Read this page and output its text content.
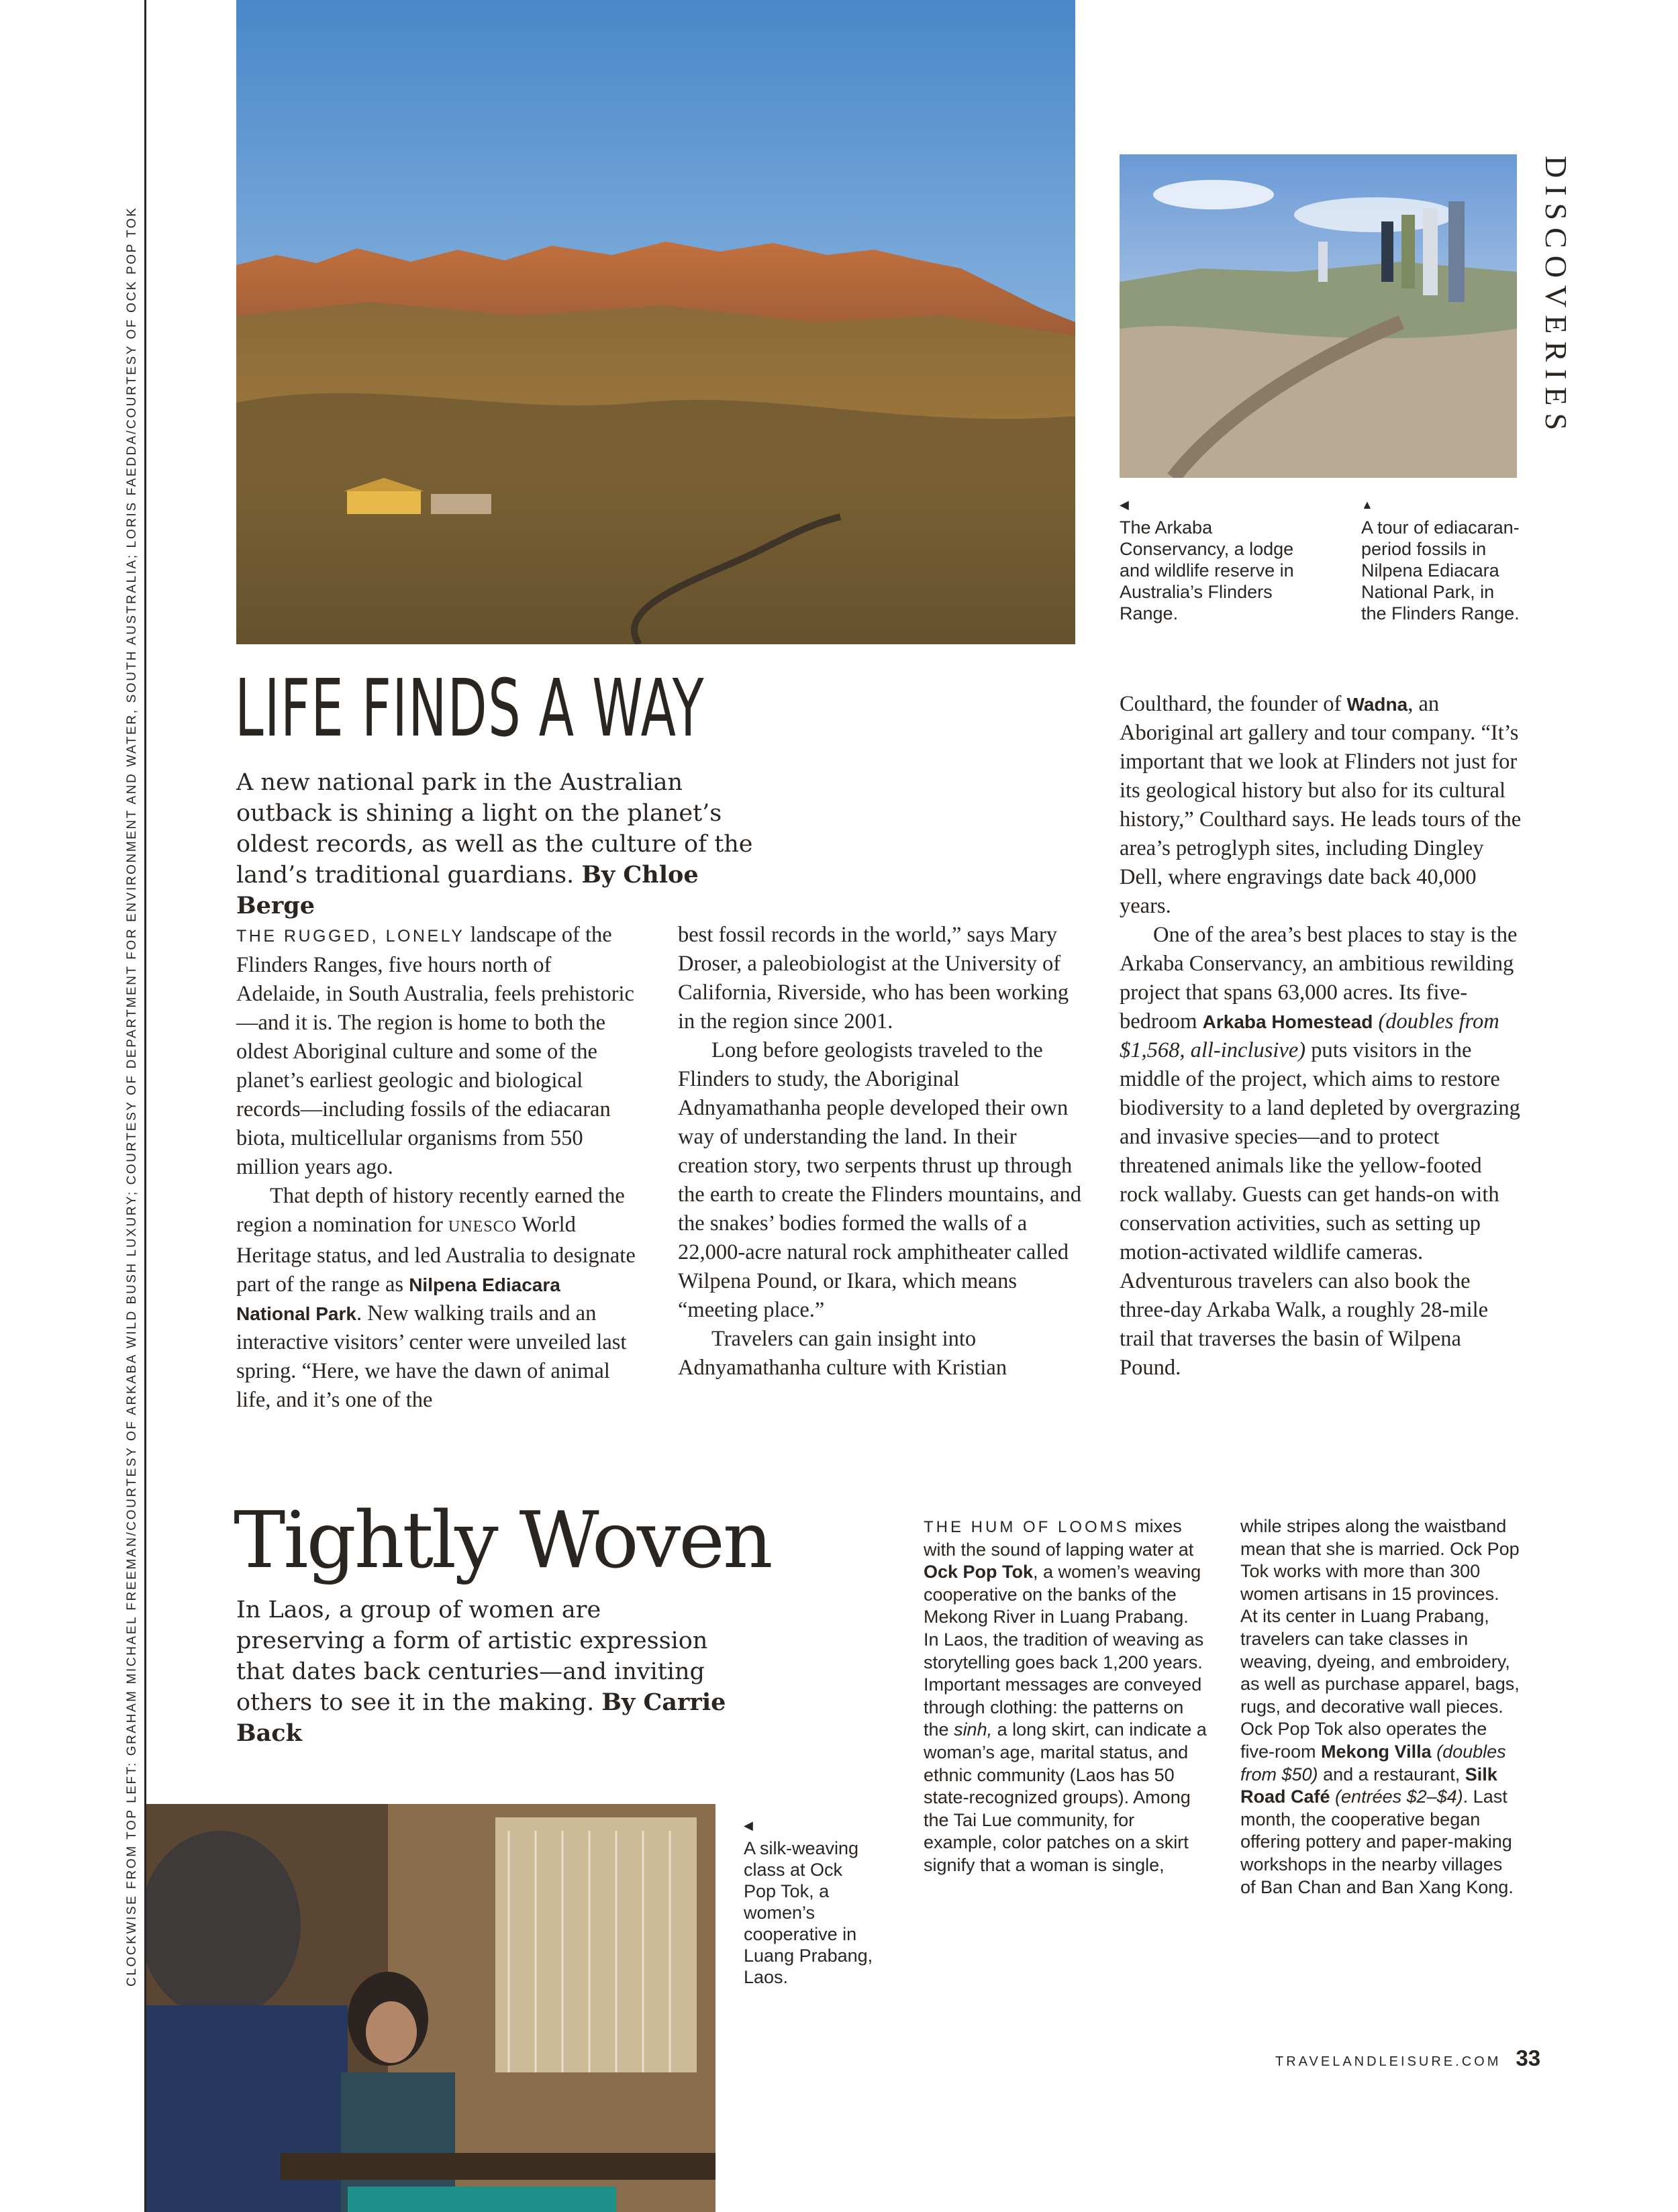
CLOCKWISE FROM TOP LEFT: GRAHAM MICHAEL FREEMAN/COURTESY OF ARKABA WILD BUSH LUXURY; COURTESY OF DEPARTMENT FOR ENVIRONMENT AND WATER, SOUTH AUSTRALIA; LORIS FAEDDA/COURTESY OF OCK POP TOK	DISCOVERIES
◀
The Arkaba Conservancy, a lodge and wildlife reserve in Australia’s Flinders Range.
▲
A tour of ediacaran-period fossils in Nilpena Ediacara National Park, in the Flinders Range.
LIFE FINDS A WAY
A new national park in the Australian outback is shining a light on the planet’s oldest records, as well as the culture of the land’s traditional guardians. By Chloe Berge

THE RUGGED, LONELY landscape of the Flinders Ranges, five hours north of Adelaide, in South Australia, feels prehistoric—and it is. The region is home to both the oldest Aboriginal culture and some of the planet’s earliest geologic and biological records—including fossils of the ediacaran biota, multicellular organisms from 550 million years ago.

That depth of history recently earned the region a nomination for UNESCO World Heritage status, and led Australia to designate part of the range as Nilpena Ediacara National Park. New walking trails and an interactive visitors’ center were unveiled last spring. “Here, we have the dawn of animal life, and it’s one of the

best fossil records in the world,” says Mary Droser, a paleobiologist at the University of California, Riverside, who has been working in the region since 2001.

Long before geologists traveled to the Flinders to study, the Aboriginal Adnyamathanha people developed their own way of understanding the land. In their creation story, two serpents thrust up through the earth to create the Flinders mountains, and the snakes’ bodies formed the walls of a 22,000-acre natural rock amphitheater called Wilpena Pound, or Ikara, which means “meeting place.”

Travelers can gain insight into Adnyamathanha culture with Kristian

Coulthard, the founder of Wadna, an Aboriginal art gallery and tour company. “It’s important that we look at Flinders not just for its geological history but also for its cultural history,” Coulthard says. He leads tours of the area’s petroglyph sites, including Dingley Dell, where engravings date back 40,000 years.

One of the area’s best places to stay is the Arkaba Conservancy, an ambitious rewilding project that spans 63,000 acres. Its five-bedroom Arkaba Homestead (doubles from $1,568, all-inclusive) puts visitors in the middle of the project, which aims to restore biodiversity to a land depleted by overgrazing and invasive species—and to protect threatened animals like the yellow-footed rock wallaby. Guests can get hands-on with conservation activities, such as setting up motion-activated wildlife cameras. Adventurous travelers can also book the three-day Arkaba Walk, a roughly 28-mile trail that traverses the basin of Wilpena Pound.

Tightly Woven
In Laos, a group of women are preserving a form of artistic expression that dates back centuries—and inviting others to see it in the making. By Carrie Back
◀
A silk-weaving class at Ock Pop Tok, a women’s cooperative in Luang Prabang, Laos.
THE HUM OF LOOMS mixes with the sound of lapping water at Ock Pop Tok, a women’s weaving cooperative on the banks of the Mekong River in Luang Prabang. In Laos, the tradition of weaving as storytelling goes back 1,200 years. Important messages are conveyed through clothing: the patterns on the sinh, a long skirt, can indicate a woman’s age, marital status, and ethnic community (Laos has 50 state-recognized groups). Among the Tai Lue community, for example, color patches on a skirt signify that a woman is single,

while stripes along the waistband mean that she is married. Ock Pop Tok works with more than 300 women artisans in 15 provinces.

At its center in Luang Prabang, travelers can take classes in weaving, dyeing, and embroidery, as well as purchase apparel, bags, rugs, and decorative wall pieces. Ock Pop Tok also operates the five-room Mekong Villa (doubles from $50) and a restaurant, Silk Road Café (entrées $2–$4). Last month, the cooperative began offering pottery and paper-making workshops in the nearby villages of Ban Chan and Ban Xang Kong.

TRAVELANDLEISURE.COM 33
